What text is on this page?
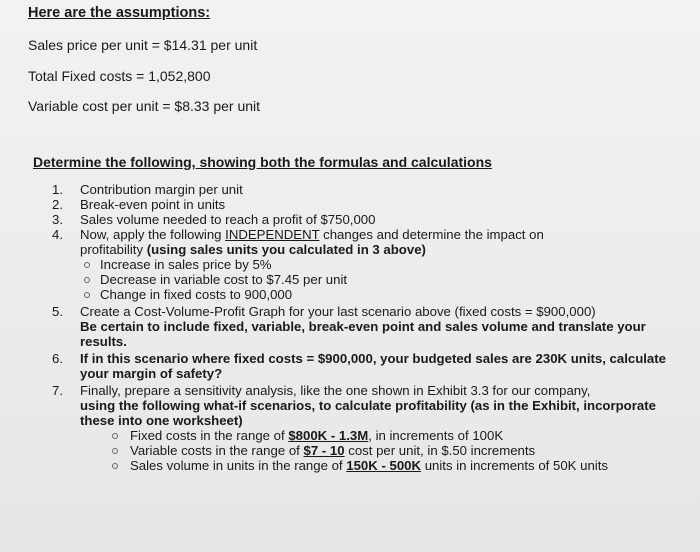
Here are the assumptions:
Sales price per unit = $14.31 per unit
Total Fixed costs = 1,052,800
Variable cost per unit = $8.33 per unit
Determine the following, showing both the formulas and calculations
1. Contribution margin per unit
2. Break-even point in units
3. Sales volume needed to reach a profit of $750,000
4. Now, apply the following INDEPENDENT changes and determine the impact on
profitability (using sales units you calculated in 3 above)
Increase in sales price by 5%
Decrease in variable cost to $7.45 per unit
Change in fixed costs to 900,000
5. Create a Cost-Volume-Profit Graph for your last scenario above (fixed costs = $900,000)
Be certain to include fixed, variable, break-even point and sales volume and translate your results.
6. If in this scenario where fixed costs = $900,000, your budgeted sales are 230K units, calculate your margin of safety?
7. Finally, prepare a sensitivity analysis, like the one shown in Exhibit 3.3 for our company,
using the following what-if scenarios, to calculate profitability (as in the Exhibit, incorporate these into one worksheet)
Fixed costs in the range of $800K - 1.3M, in increments of 100K
Variable costs in the range of $7 - 10 cost per unit, in $.50 increments
Sales volume in units in the range of 150K - 500K units in increments of 50K units
